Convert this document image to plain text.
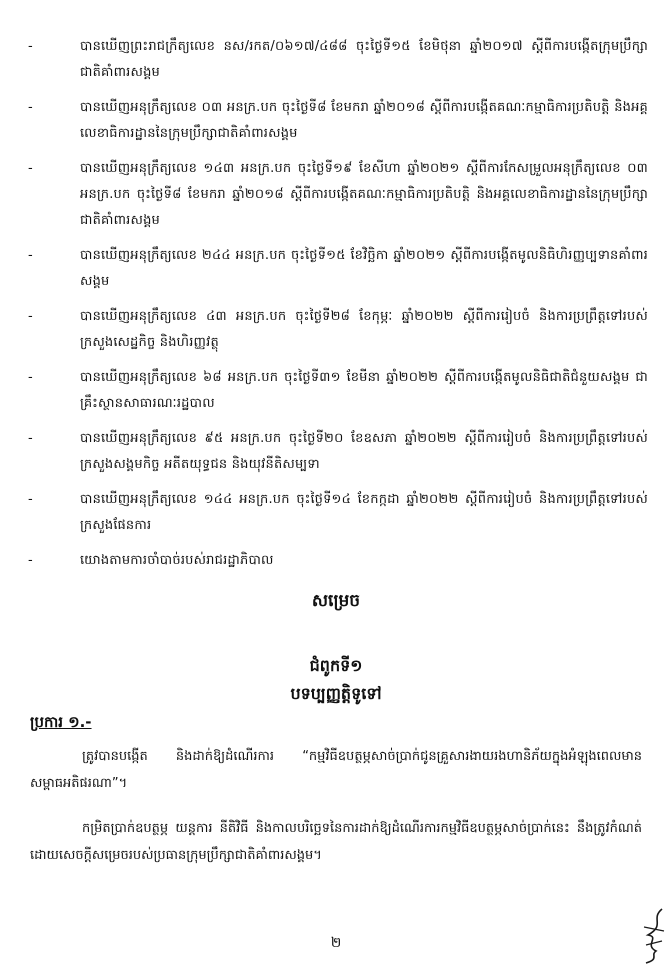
-	បានឃើញព្រះរាជក្រឹត្យលេខ នស/រកត/០៦១៧/៤៨៨ ចុះថ្ងៃទី១៥ ខែមិថុនា ឆ្នាំ២០១៧ ស្តីពីការបង្កើតក្រុមប្រឹក្សាជាតិគាំពារសង្គម
-	បានឃើញអនុក្រឹត្យលេខ ០៣ អនក្រ.បក ចុះថ្ងៃទី៨ ខែមករា ឆ្នាំ២០១៨ ស្តីពីការបង្កើតគណៈកម្មាធិការប្រតិបត្តិ និងអគ្គលេខាធិការដ្ឋាននៃក្រុមប្រឹក្សាជាតិគាំពារសង្គម
-	បានឃើញអនុក្រឹត្យលេខ ១៤៣ អនក្រ.បក ចុះថ្ងៃទី១៩ ខែសីហា ឆ្នាំ២០២១ ស្តីពីការកែសម្រួលអនុក្រឹត្យលេខ ០៣ អនក្រ.បក ចុះថ្ងៃទី៨ ខែមករា ឆ្នាំ២០១៨ ស្តីពីការបង្កើតគណៈកម្មាធិការប្រតិបត្តិ និងអគ្គលេខាធិការដ្ឋាននៃក្រុមប្រឹក្សាជាតិគាំពារសង្គម
-	បានឃើញអនុក្រឹត្យលេខ ២៤៤ អនក្រ.បក ចុះថ្ងៃទី១៥ ខែវិច្ឆិកា ឆ្នាំ២០២១ ស្តីពីការបង្កើតមូលនិធិហិរញ្ញប្បទានគាំពារសង្គម
-	បានឃើញអនុក្រឹត្យលេខ ៤៣ អនក្រ.បក ចុះថ្ងៃទី២៨ ខែកុម្ភៈ ឆ្នាំ២០២២ ស្តីពីការរៀបចំ និងការប្រព្រឹត្តទៅរបស់ក្រសួងសេដ្ឋកិច្ច និងហិរញ្ញវត្ថុ
-	បានឃើញអនុក្រឹត្យលេខ ៦៨ អនក្រ.បក ចុះថ្ងៃទី៣១ ខែមីនា ឆ្នាំ២០២២ ស្តីពីការបង្កើតមូលនិធិជាតិជំនួយសង្គម ជាគ្រឹះស្ថានសាធារណៈរដ្ឋបាល
-	បានឃើញអនុក្រឹត្យលេខ ៩៥ អនក្រ.បក ចុះថ្ងៃទី២០ ខែឧសភា ឆ្នាំ២០២២ ស្តីពីការរៀបចំ និងការប្រព្រឹត្តទៅរបស់ក្រសួងសង្គមកិច្ច អតីតយុទ្ធជន និងយុវនីតិសម្បទា
-	បានឃើញអនុក្រឹត្យលេខ ១៤៤ អនក្រ.បក ចុះថ្ងៃទី១៤ ខែកក្កដា ឆ្នាំ២០២២ ស្តីពីការរៀបចំ និងការប្រព្រឹត្តទៅរបស់ក្រសួងផែនការ
-	យោងតាមការចាំបាច់របស់រាជរដ្ឋាភិបាល
សម្រេច
ជំពូកទី១
បទប្បញ្ញត្តិទូទៅ
ប្រការ ១.-
ត្រូវបានបង្កើត និងដាក់ឱ្យដំណើរការ “កម្មវិធីឧបត្ថម្ភសាច់ប្រាក់ជូនគ្រួសារងាយរងហានិភ័យក្នុងអំឡុងពេលមានសម្ពាធអតិផរណា”។
កម្រិតប្រាក់ឧបត្ថម្ភ យន្តការ នីតិវិធី និងកាលបរិច្ឆេទនៃការដាក់ឱ្យដំណើរការកម្មវិធីឧបត្ថម្ភសាច់ប្រាក់នេះ នឹងត្រូវកំណត់ដោយសេចក្តីសម្រេចរបស់ប្រធានក្រុមប្រឹក្សាជាតិគាំពារសង្គម។
២
